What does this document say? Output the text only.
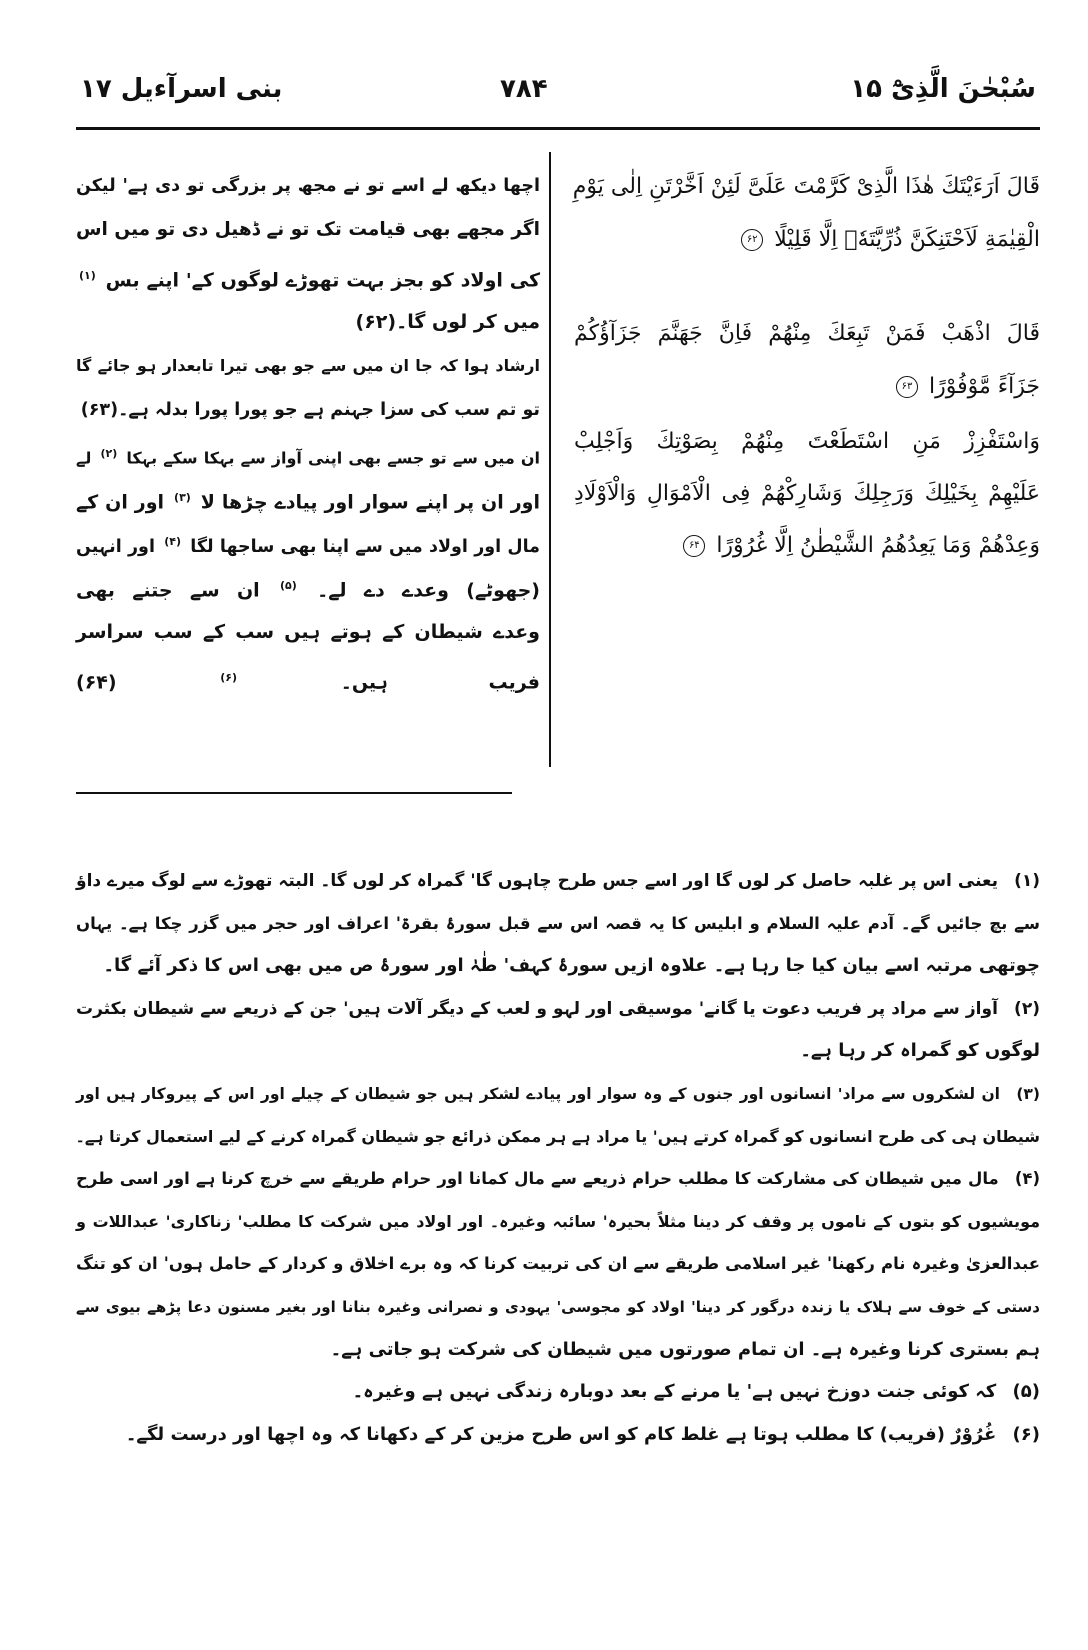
سُبْحٰنَ الَّذِیْٓ ۱۵
۷۸۴
بنی اسرآءیل ۱۷
قَالَ اَرَءَيْتَكَ هٰذَا الَّذِیْ كَرَّمْتَ عَلَیَّ لَئِنْ اَخَّرْتَنِ اِلٰی يَوْمِ
الْقِيٰمَةِ لَاَحْتَنِكَنَّ ذُرِّيَّتَهٗۤ اِلَّا قَلِيْلًا ۶۲
قَالَ اذْهَبْ فَمَنْ تَبِعَكَ مِنْهُمْ فَاِنَّ جَهَنَّمَ جَزَآؤُكُمْ
جَزَآءً مَّوْفُوْرًا ۶۳
وَاسْتَفْزِزْ مَنِ اسْتَطَعْتَ مِنْهُمْ بِصَوْتِكَ وَاَجْلِبْ
عَلَيْهِمْ بِخَيْلِكَ وَرَجِلِكَ وَشَارِكْهُمْ فِی الْاَمْوَالِ وَالْاَوْلَادِ
وَعِدْهُمْ وَمَا يَعِدُهُمُ الشَّيْطٰنُ اِلَّا غُرُوْرًا ۶۴
اچھا دیکھ لے اسے تو نے مجھ پر بزرگی تو دی ہے' لیکن
اگر مجھے بھی قیامت تک تو نے ڈھیل دی تو میں اس
کی اولاد کو بجز بہت تھوڑے لوگوں کے' اپنے بس $^{(۱)}$
میں کر لوں گا۔(۶۲)
ارشاد ہوا کہ جا ان میں سے جو بھی تیرا تابعدار ہو جائے گا
تو تم سب کی سزا جہنم ہے جو پورا پورا بدلہ ہے۔(۶۳)
ان میں سے تو جسے بھی اپنی آواز سے بہکا سکے بہکا $^{(۲)}$ لے
اور ان پر اپنے سوار اور پیادے چڑھا لا $^{(۳)}$ اور ان کے
مال اور اولاد میں سے اپنا بھی ساجھا لگا $^{(۴)}$ اور انہیں
(جھوٹے) وعدے دے لے۔ $^{(۵)}$ ان سے جتنے بھی
وعدے شیطان کے ہوتے ہیں سب کے سب سراسر
فریب ہیں۔ $^{(۶)}$ (۶۴)
(۱) یعنی اس پر غلبہ حاصل کر لوں گا اور اسے جس طرح چاہوں گا' گمراہ کر لوں گا۔ البتہ تھوڑے سے لوگ میرے داؤ
سے بچ جائیں گے۔ آدم علیہ السلام و ابلیس کا یہ قصہ اس سے قبل سورۂ بقرۃ' اعراف اور حجر میں گزر چکا ہے۔ یہاں
چوتھی مرتبہ اسے بیان کیا جا رہا ہے۔ علاوہ ازیں سورۂ کہف' طٰہٰ اور سورۂ ص میں بھی اس کا ذکر آئے گا۔
(۲) آواز سے مراد پر فریب دعوت یا گانے' موسیقی اور لہو و لعب کے دیگر آلات ہیں' جن کے ذریعے سے شیطان بکثرت
لوگوں کو گمراہ کر رہا ہے۔
(۳) ان لشکروں سے مراد' انسانوں اور جنوں کے وہ سوار اور پیادے لشکر ہیں جو شیطان کے چیلے اور اس کے پیروکار ہیں اور
شیطان ہی کی طرح انسانوں کو گمراہ کرتے ہیں' یا مراد ہے ہر ممکن ذرائع جو شیطان گمراہ کرنے کے لیے استعمال کرتا ہے۔
(۴) مال میں شیطان کی مشارکت کا مطلب حرام ذریعے سے مال کمانا اور حرام طریقے سے خرچ کرنا ہے اور اسی طرح
مویشیوں کو بتوں کے ناموں پر وقف کر دینا مثلاً بحیرہ' سائبہ وغیرہ۔ اور اولاد میں شرکت کا مطلب' زناکاری' عبداللات و
عبدالعزیٰ وغیرہ نام رکھنا' غیر اسلامی طریقے سے ان کی تربیت کرنا کہ وہ برے اخلاق و کردار کے حامل ہوں' ان کو تنگ
دستی کے خوف سے ہلاک یا زندہ درگور کر دینا' اولاد کو مجوسی' یہودی و نصرانی وغیرہ بنانا اور بغیر مسنون دعا پڑھے بیوی سے
ہم بستری کرنا وغیرہ ہے۔ ان تمام صورتوں میں شیطان کی شرکت ہو جاتی ہے۔
(۵) کہ کوئی جنت دوزخ نہیں ہے' یا مرنے کے بعد دوبارہ زندگی نہیں ہے وغیرہ۔
(۶) غُرُوْرٌ (فریب) کا مطلب ہوتا ہے غلط کام کو اس طرح مزین کر کے دکھانا کہ وہ اچھا اور درست لگے۔
